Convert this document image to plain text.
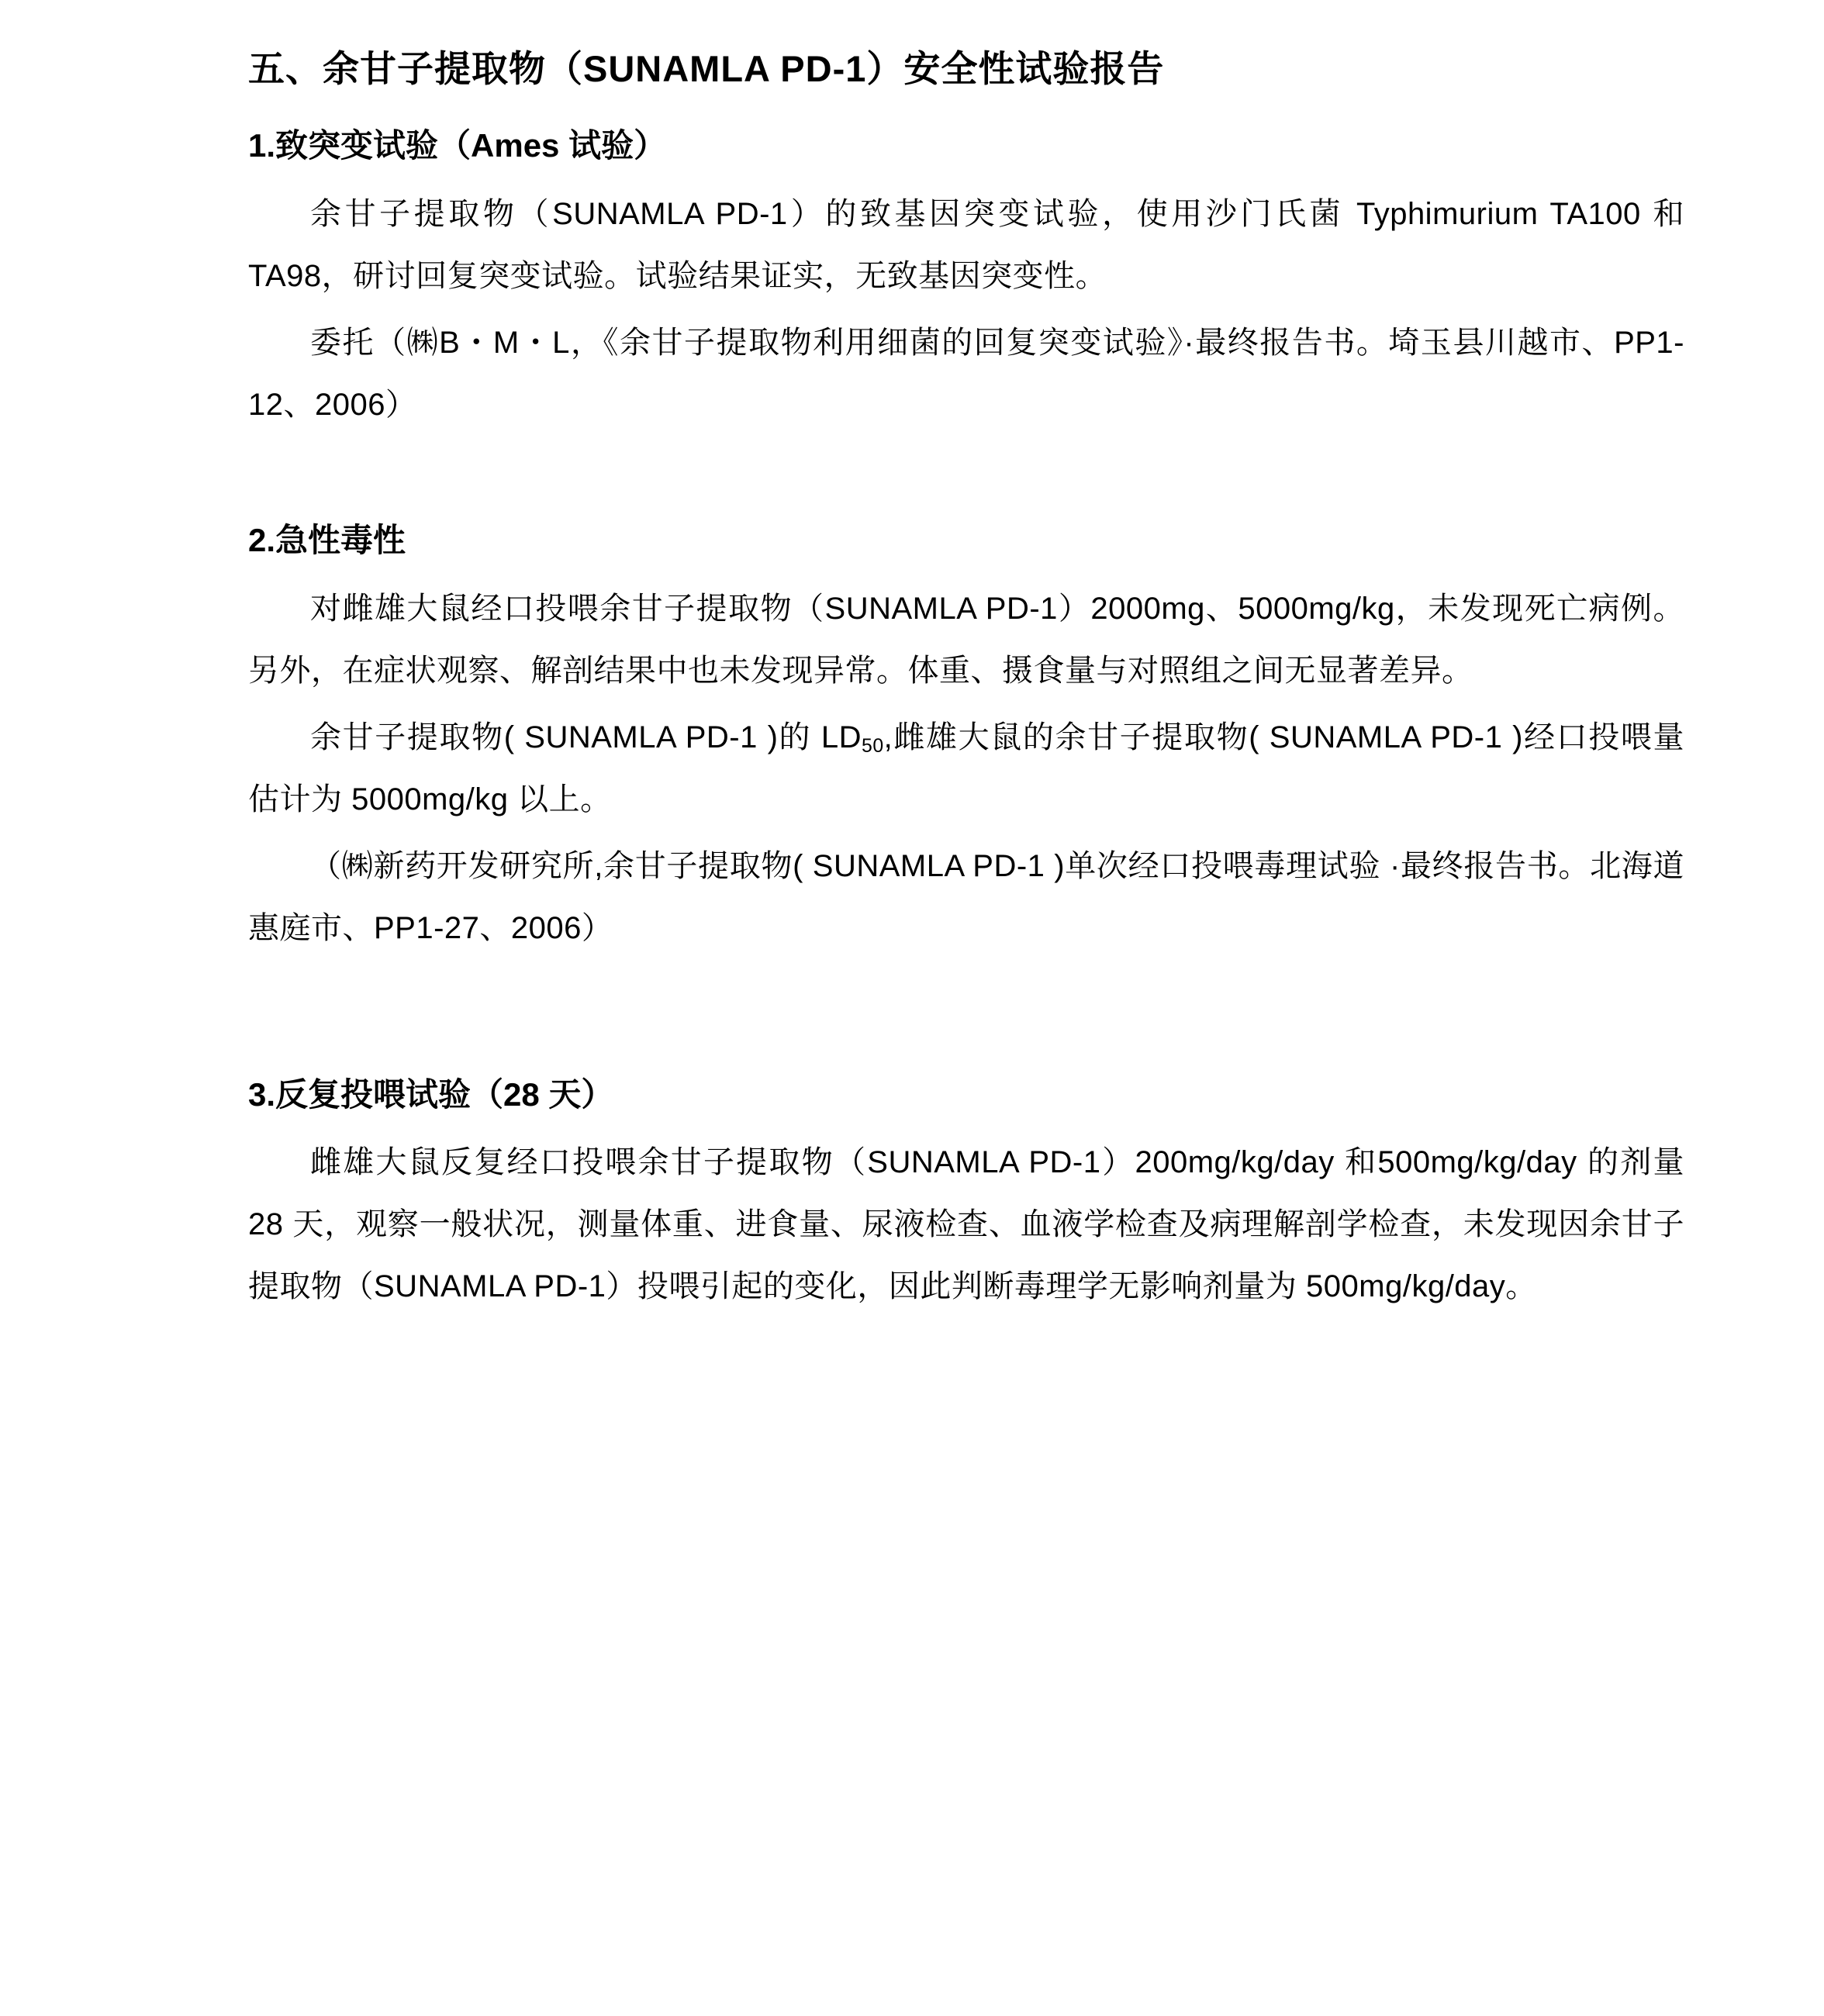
五、余甘子提取物（SUNAMLA PD-1）安全性试验报告
1.致突变试验（Ames 试验）

余甘子提取物（SUNAMLA PD-1）的致基因突变试验，使用沙门氏菌 Typhimurium TA100 和 TA98，研讨回复突变试验。试验结果证实，无致基因突变性。

委托（㈱B・M・L，《余甘子提取物利用细菌的回复突变试验》·最终报告书。埼玉县川越市、PP1-12、2006）

2.急性毒性

对雌雄大鼠经口投喂余甘子提取物（SUNAMLA PD-1）2000mg、5000mg/kg，未发现死亡病例。另外，在症状观察、解剖结果中也未发现异常。体重、摄食量与对照组之间无显著差异。

余甘子提取物( SUNAMLA PD-1 )的 $LD_{50}$,雌雄大鼠的余甘子提取物( SUNAMLA PD-1 )经口投喂量估计为 5000mg/kg 以上。

（㈱新药开发研究所,余甘子提取物( SUNAMLA PD-1 )单次经口投喂毒理试验 ·最终报告书。北海道惠庭市、PP1-27、2006）

3.反复投喂试验（28 天）

雌雄大鼠反复经口投喂余甘子提取物（SUNAMLA PD-1）200mg/kg/day 和500mg/kg/day 的剂量 28 天，观察一般状况，测量体重、进食量、尿液检查、血液学检查及病理解剖学检查，未发现因余甘子提取物（SUNAMLA PD-1）投喂引起的变化，因此判断毒理学无影响剂量为 500mg/kg/day。
